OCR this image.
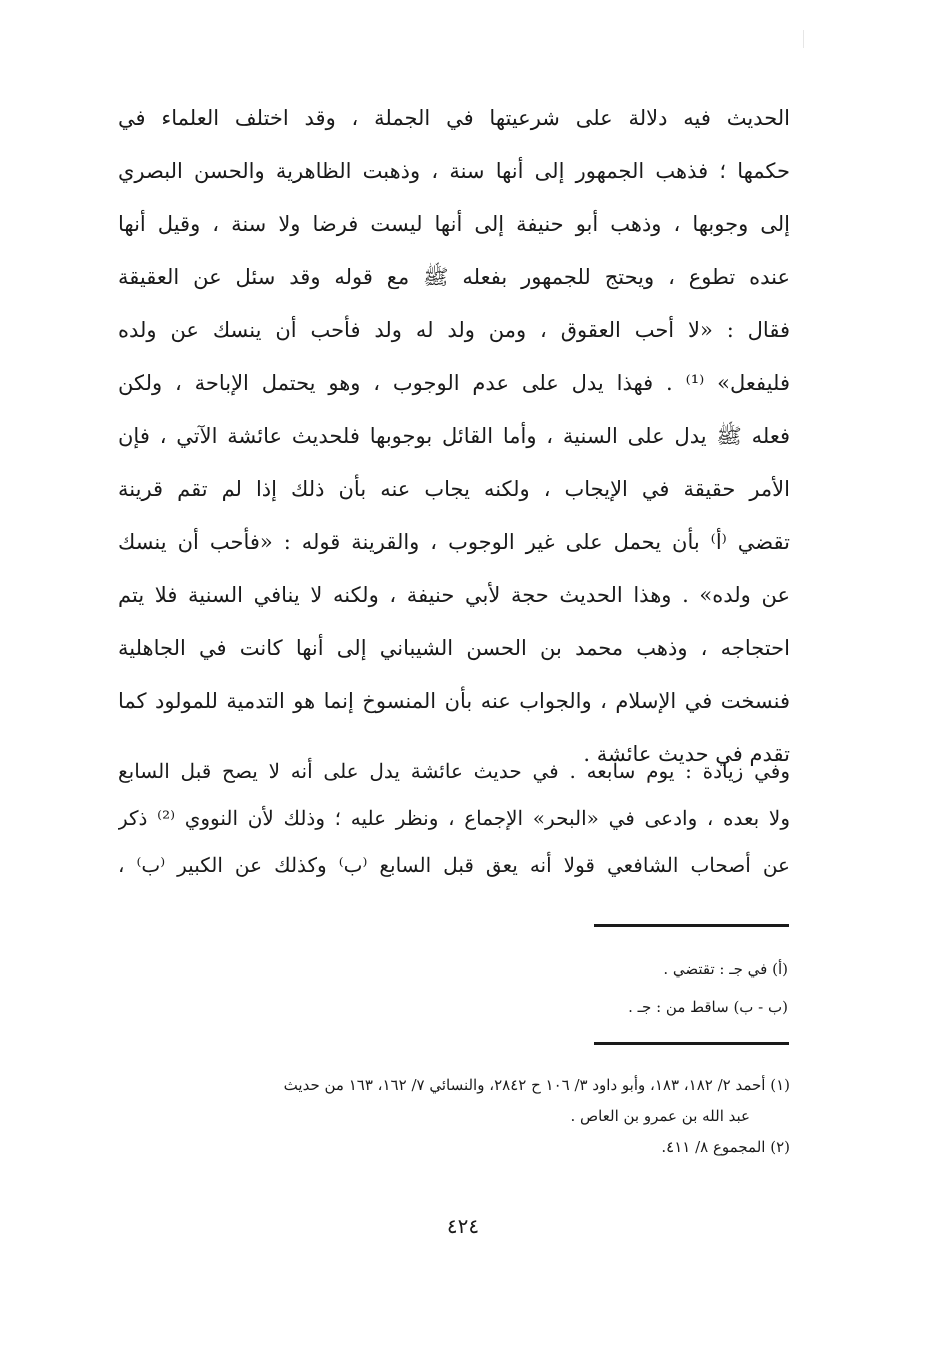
الحديث فيه دلالة على شرعيتها في الجملة ، وقد اختلف العلماء في
حكمها ؛ فذهب الجمهور إلى أنها سنة ، وذهبت الظاهرية والحسن البصري
إلى وجوبها ، وذهب أبو حنيفة إلى أنها ليست فرضا ولا سنة ، وقيل أنها
عنده تطوع ، ويحتج للجمهور بفعله ﷺ مع قوله وقد سئل عن العقيقة
فقال : «لا أحب العقوق ، ومن ولد له ولد فأحب أن ينسك عن ولده
فليفعل» ⁽¹⁾ . فهذا يدل على عدم الوجوب ، وهو يحتمل الإباحة ، ولكن
فعله ﷺ يدل على السنية ، وأما القائل بوجوبها فلحديث عائشة الآتي ، فإن
الأمر حقيقة في الإيجاب ، ولكنه يجاب عنه بأن ذلك إذا لم تقم قرينة
تقضي ⁽أ⁾ بأن يحمل على غير الوجوب ، والقرينة قوله : «فأحب أن ينسك
عن ولده» . وهذا الحديث حجة لأبي حنيفة ، ولكنه لا ينافي السنية فلا يتم
احتجاجه ، وذهب محمد بن الحسن الشيباني إلى أنها كانت في الجاهلية
فنسخت في الإسلام ، والجواب عنه بأن المنسوخ إنما هو التدمية للمولود كما
تقدم في حديث عائشة .
وفي زيادة : يوم سابعه . في حديث عائشة يدل على أنه لا يصح قبل السابع
ولا بعده ، وادعى في «البحر» الإجماع ، ونظر عليه ؛ وذلك لأن النووي ⁽²⁾ ذكر
عن أصحاب الشافعي قولا أنه يعق قبل السابع ⁽ب⁾ وكذلك عن الكبير ⁽ب⁾ ،
(أ) في جـ : تقتضي .
(ب - ب) ساقط من : جـ .
(١) أحمد ٢/ ١٨٢، ١٨٣، وأبو داود ٣/ ١٠٦ ح ٢٨٤٢، والنسائي ٧/ ١٦٢، ١٦٣ من حديث
عبد الله بن عمرو بن العاص .
(٢) المجموع ٨/ ٤١١.
٤٢٤
